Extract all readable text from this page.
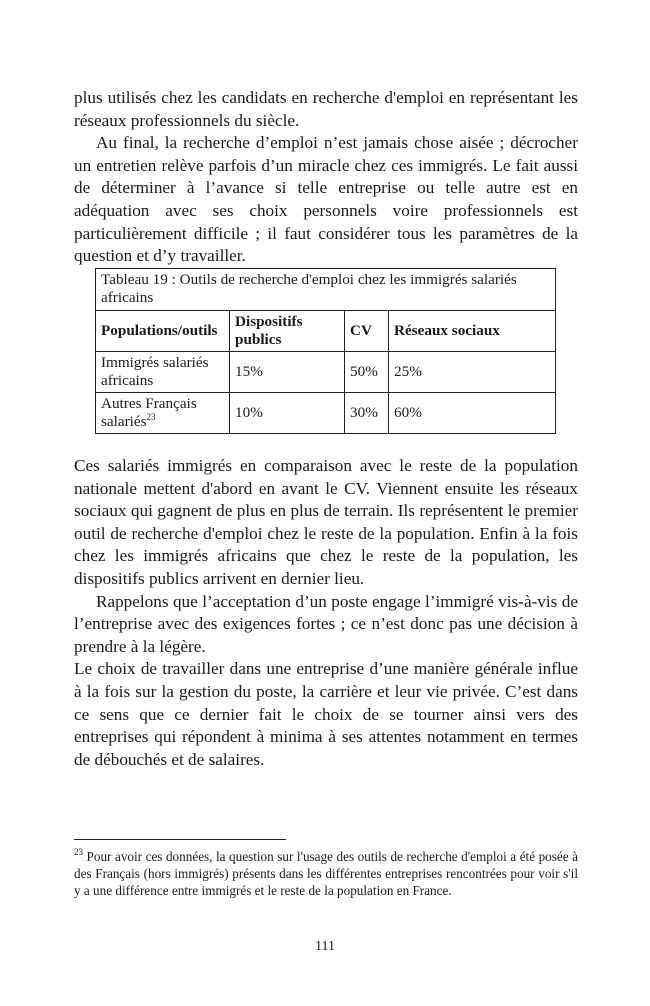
plus utilisés chez les candidats en recherche d'emploi en représentant les réseaux professionnels du siècle.

Au final, la recherche d’emploi n’est jamais chose aisée ; décrocher un entretien relève parfois d’un miracle chez ces immigrés. Le fait aussi de déterminer à l’avance si telle entreprise ou telle autre est en adéquation avec ses choix personnels voire professionnels est particulièrement difficile ; il faut considérer tous les paramètres de la question et d’y travailler.

Tableau 19 : Outils de recherche d'emploi chez les immigrés salariés africains			
Populations/outils	Dispositifs publics	CV	Réseaux sociaux
Immigrés salariés africains	15%	50%	25%
Autres Français salariés$^{23}$	10%	30%	60%

Ces salariés immigrés en comparaison avec le reste de la population nationale mettent d'abord en avant le CV. Viennent ensuite les réseaux sociaux qui gagnent de plus en plus de terrain. Ils représentent le premier outil de recherche d'emploi chez le reste de la population. Enfin à la fois chez les immigrés africains que chez le reste de la population, les dispositifs publics arrivent en dernier lieu.

Rappelons que l’acceptation d’un poste engage l’immigré vis-à-vis de l’entreprise avec des exigences fortes ; ce n’est donc pas une décision à prendre à la légère.

Le choix de travailler dans une entreprise d’une manière générale influe à la fois sur la gestion du poste, la carrière et leur vie privée. C’est dans ce sens que ce dernier fait le choix de se tourner ainsi vers des entreprises qui répondent à minima à ses attentes notamment en termes de débouchés et de salaires.

$^{23}$ Pour avoir ces données, la question sur l'usage des outils de recherche d'emploi a été posée à des Français (hors immigrés) présents dans les différentes entreprises rencontrées pour voir s'il y a une différence entre immigrés et le reste de la population en France.
111
